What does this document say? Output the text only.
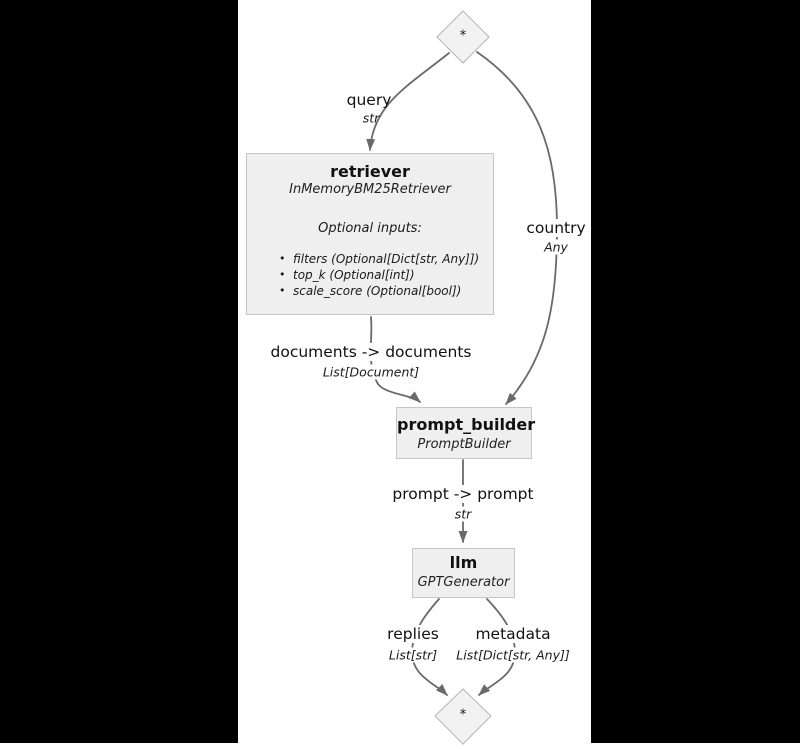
*
*
retriever
InMemoryBM25Retriever
Optional inputs:
• filters (Optional[Dict[str, Any]])
• top_k (Optional[int])
• scale_score (Optional[bool])
prompt_builder
PromptBuilder
llm
GPTGenerator
query
str
country
Any
documents -> documents
List[Document]
prompt -> prompt
str
replies
List[str]
metadata
List[Dict[str, Any]]
